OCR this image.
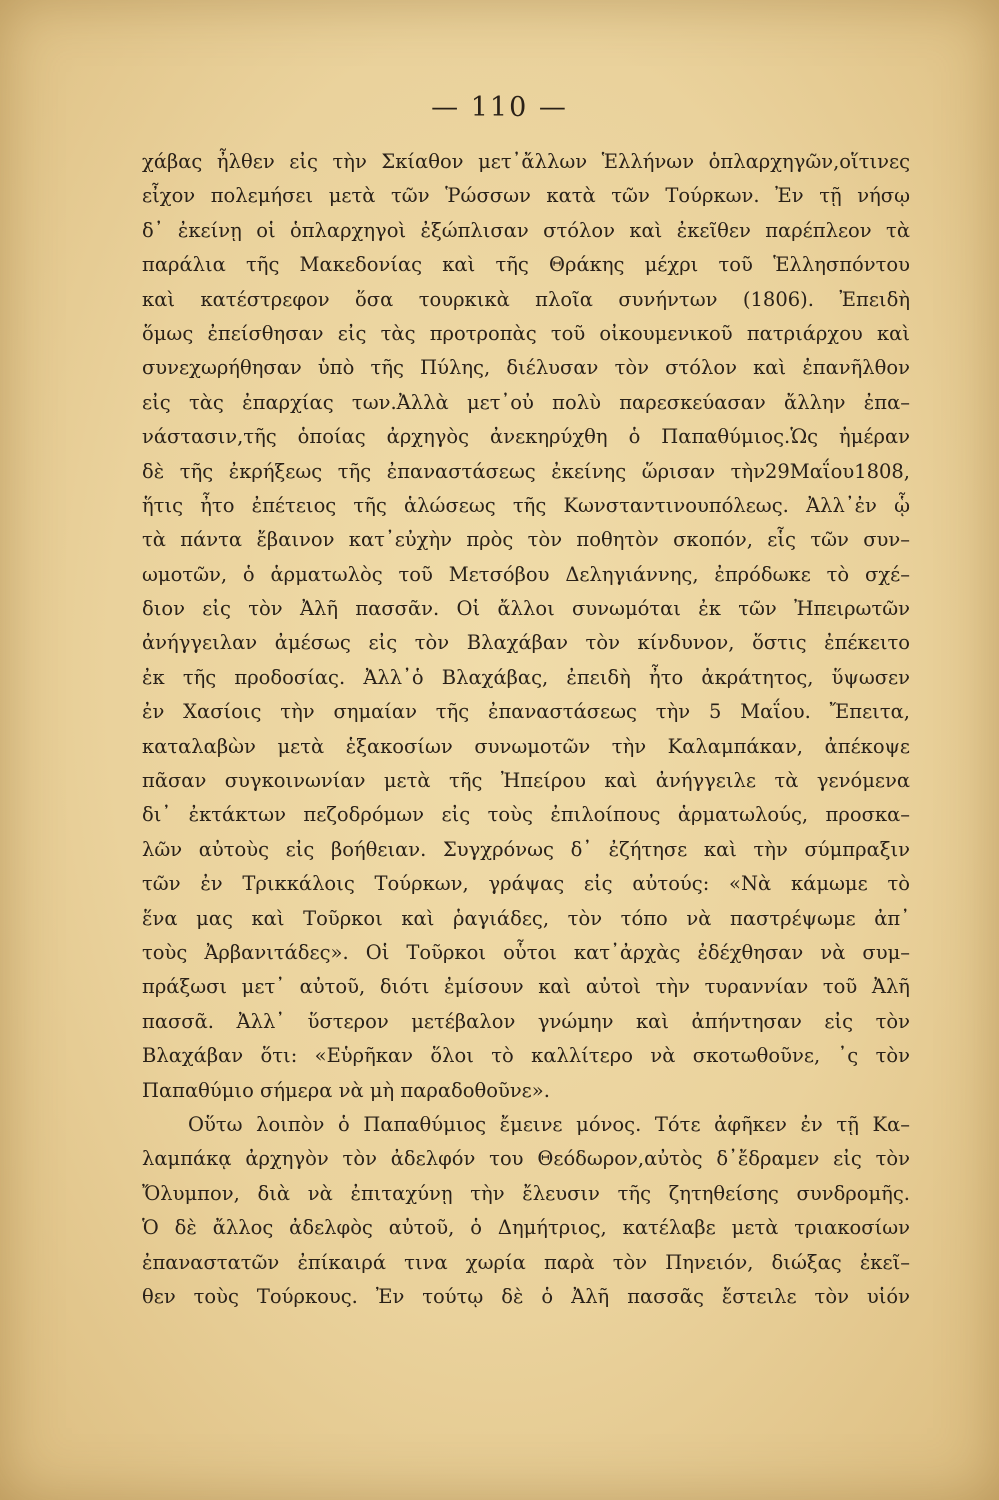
— 110 —
χάβας ἦλθεν εἰς τὴν Σκίαθον μετ᾽ἄλλων Ἑλλήνων ὁπλαρχηγῶν,οἵτινες
εἶχον πολεμήσει μετὰ τῶν Ῥώσσων κατὰ τῶν Τούρκων. Ἐν τῇ νήσῳ
δ᾽ ἐκείνῃ οἱ ὁπλαρχηγοὶ ἐξώπλισαν στόλον καὶ ἐκεῖθεν παρέπλεον τὰ
παράλια τῆς Μακεδονίας καὶ τῆς Θράκης μέχρι τοῦ Ἑλλησπόντου
καὶ κατέστρεφον ὅσα τουρκικὰ πλοῖα συνήντων (1806). Ἐπειδὴ
ὅμως ἐπείσθησαν εἰς τὰς προτροπὰς τοῦ οἰκουμενικοῦ πατριάρχου καὶ
συνεχωρήθησαν ὑπὸ τῆς Πύλης, διέλυσαν τὸν στόλον καὶ ἐπανῆλθον
εἰς τὰς ἐπαρχίας των.Ἀλλὰ μετ᾽οὐ πολὺ παρεσκεύασαν ἄλλην ἐπα–
νάστασιν,τῆς ὁποίας ἀρχηγὸς ἀνεκηρύχθη ὁ Παπαθύμιος.Ὡς ἡμέραν
δὲ τῆς ἐκρήξεως τῆς ἐπαναστάσεως ἐκείνης ὥρισαν τὴν29Μαΐου1808,
ἥτις ἦτο ἐπέτειος τῆς ἁλώσεως τῆς Κωνσταντινουπόλεως. Ἀλλ᾽ἐν ᾧ
τὰ πάντα ἔβαινον κατ᾽εὐχὴν πρὸς τὸν ποθητὸν σκοπόν, εἷς τῶν συν–
ωμοτῶν, ὁ ἁρματωλὸς τοῦ Μετσόβου Δεληγιάννης, ἐπρόδωκε τὸ σχέ–
διον εἰς τὸν Ἀλῆ πασσᾶν. Οἱ ἄλλοι συνωμόται ἐκ τῶν Ἠπειρωτῶν
ἀνήγγειλαν ἀμέσως εἰς τὸν Βλαχάβαν τὸν κίνδυνον, ὅστις ἐπέκειτο
ἐκ τῆς προδοσίας. Ἀλλ᾽ὁ Βλαχάβας, ἐπειδὴ ἦτο ἀκράτητος, ὕψωσεν
ἐν Χασίοις τὴν σημαίαν τῆς ἐπαναστάσεως τὴν 5 Μαΐου. Ἔπειτα,
καταλαβὼν μετὰ ἑξακοσίων συνωμοτῶν τὴν Καλαμπάκαν, ἀπέκοψε
πᾶσαν συγκοινωνίαν μετὰ τῆς Ἠπείρου καὶ ἀνήγγειλε τὰ γενόμενα
δι᾽ ἐκτάκτων πεζοδρόμων εἰς τοὺς ἐπιλοίπους ἁρματωλούς, προσκα–
λῶν αὐτοὺς εἰς βοήθειαν. Συγχρόνως δ᾽ ἐζήτησε καὶ τὴν σύμπραξιν
τῶν ἐν Τρικκάλοις Τούρκων, γράψας εἰς αὐτούς: «Νὰ κάμωμε τὸ
ἕνα μας καὶ Τοῦρκοι καὶ ῥαγιάδες, τὸν τόπο νὰ παστρέψωμε ἀπ᾽
τοὺς Ἀρβανιτάδες». Οἱ Τοῦρκοι οὗτοι κατ᾽ἀρχὰς ἐδέχθησαν νὰ συμ–
πράξωσι μετ᾽ αὐτοῦ, διότι ἐμίσουν καὶ αὐτοὶ τὴν τυραννίαν τοῦ Ἀλῆ
πασσᾶ. Ἀλλ᾽ ὕστερον μετέβαλον γνώμην καὶ ἀπήντησαν εἰς τὸν
Βλαχάβαν ὅτι: «Εὑρῆκαν ὅλοι τὸ καλλίτερο νὰ σκοτωθοῦνε, ᾿ς τὸν
Παπαθύμιο σήμερα νὰ μὴ παραδοθοῦνε».
Οὕτω λοιπὸν ὁ Παπαθύμιος ἔμεινε μόνος. Τότε ἀφῆκεν ἐν τῇ Κα–
λαμπάκᾳ ἀρχηγὸν τὸν ἀδελφόν του Θεόδωρον,αὐτὸς δ᾽ἔδραμεν εἰς τὸν
Ὄλυμπον, διὰ νὰ ἐπιταχύνῃ τὴν ἔλευσιν τῆς ζητηθείσης συνδρομῆς.
Ὁ δὲ ἄλλος ἀδελφὸς αὐτοῦ, ὁ Δημήτριος, κατέλαβε μετὰ τριακοσίων
ἐπαναστατῶν ἐπίκαιρά τινα χωρία παρὰ τὸν Πηνειόν, διώξας ἐκεῖ–
θεν τοὺς Τούρκους. Ἐν τούτῳ δὲ ὁ Ἀλῆ πασσᾶς ἔστειλε τὸν υἱόν
